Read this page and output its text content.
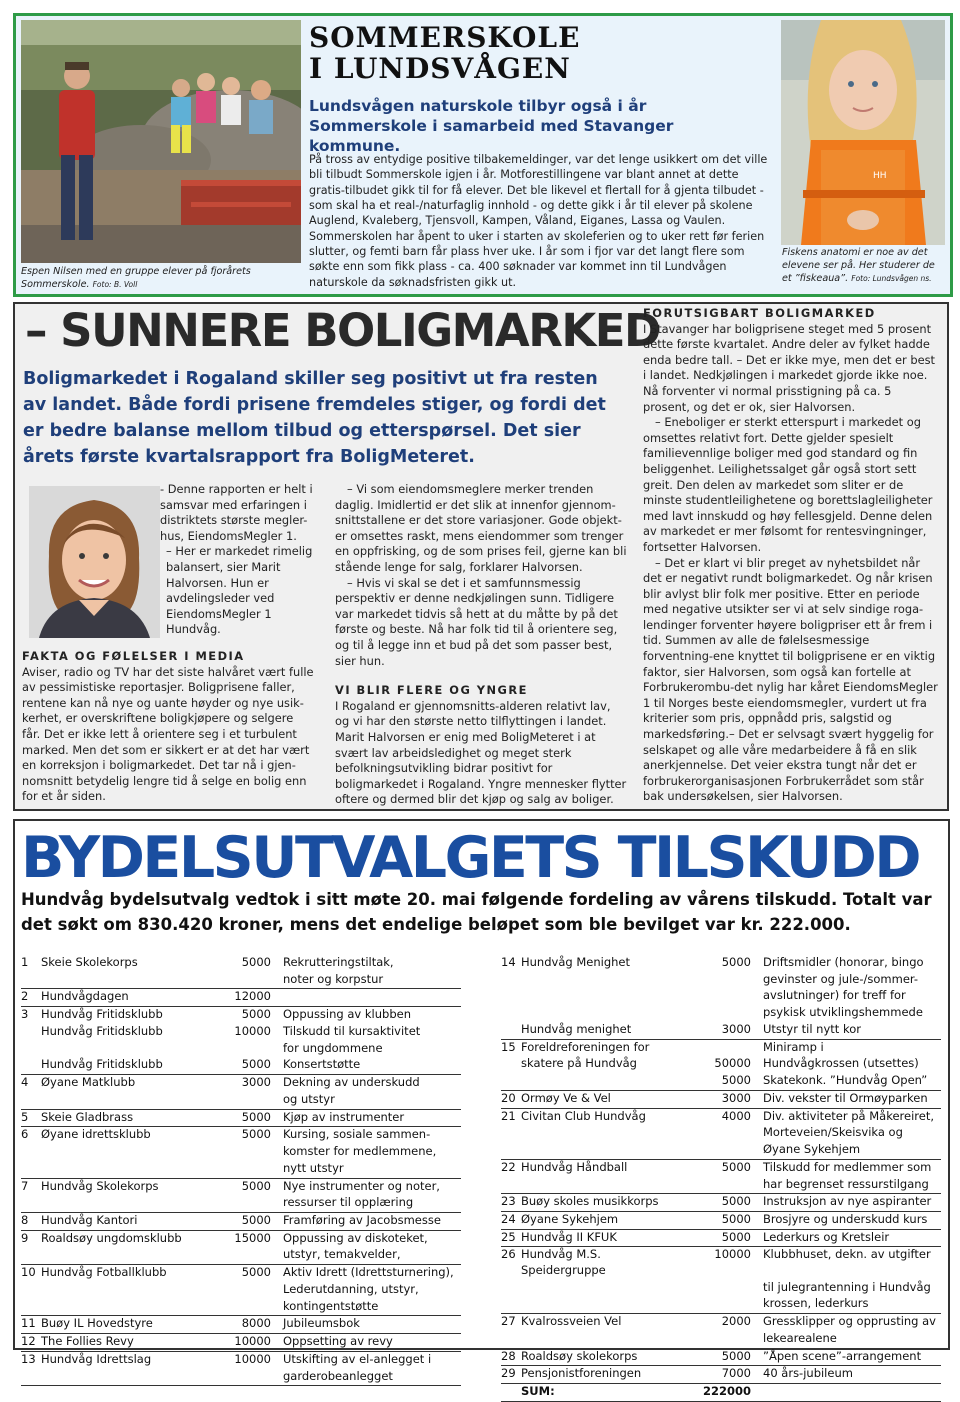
Espen Nilsen med en gruppe elever på fjorårets Sommerskole. Foto: B. Voll
SOMMERSKOLE
I LUNDSVÅGEN
Lundsvågen naturskole tilbyr også i år Sommerskole i samarbeid med Stavanger kommune.
På tross av entydige positive tilbakemeldinger, var det lenge usikkert om det ville bli tilbudt Sommerskole igjen i år. Motforestillingene var blant annet at dette gratis-tilbudet gikk til for få elever. Det ble likevel et flertall for å gjenta tilbudet - som skal ha et real-/naturfaglig innhold - og dette gikk i år til elever på skolene Auglend, Kvaleberg, Tjensvoll, Kampen, Våland, Eiganes, Lassa og Vaulen. Sommerskolen har åpent to uker i starten av skoleferien og to uker rett før ferien slutter, og femti barn får plass hver uke. I år som i fjor var det langt flere som søkte enn som fikk plass - ca. 400 søknader var kommet inn til Lundvågen naturskole da søknadsfristen gikk ut.
HH
Fiskens anatomi er noe av det elevene ser på. Her studerer de et ”fiskeaua”. Foto: Lundsvågen ns.
– SUNNERE BOLIGMARKED
Boligmarkedet i Rogaland skiller seg positivt ut fra resten av landet. Både fordi prisene fremdeles stiger, og fordi det er bedre balanse mellom tilbud og etterspørsel. Det sier årets første kvartalsrapport fra BoligMeteret.
- Denne rapporten er helt i samsvar med erfaringen i distriktets største megler-hus, EiendomsMegler 1.
– Her er markedet rimelig balansert, sier Marit Halvorsen. Hun er avdelingsleder ved EiendomsMegler 1 Hundvåg.
FAKTA OG FØLELSER I MEDIA
Aviser, radio og TV har det siste halvåret vært fulle av pessimistiske reportasjer. Boligprisene faller, rentene kan nå nye og uante høyder og nye usik-kerhet, er overskriftene boligkjøpere og selgere får. Det er ikke lett å orientere seg i et turbulent marked. Men det som er sikkert er at det har vært en korreksjon i boligmarkedet. Det tar nå i gjen-nomsnitt betydelig lengre tid å selge en bolig enn for et år siden.
– Vi som eiendomsmeglere merker trenden daglig. Imidlertid er det slik at innenfor gjennom-snittstallene er det store variasjoner. Gode objekt-er omsettes raskt, mens eiendommer som trenger en oppfrisking, og de som prises feil, gjerne kan bli stående lenge for salg, forklarer Halvorsen.
– Hvis vi skal se det i et samfunnsmessig perspektiv er denne nedkjølingen sunn. Tidligere var markedet tidvis så hett at du måtte by på det første og beste. Nå har folk tid til å orientere seg, og til å legge inn et bud på det som passer best, sier hun.
VI BLIR FLERE OG YNGRE
I Rogaland er gjennomsnitts-alderen relativt lav, og vi har den største netto tilflyttingen i landet. Marit Halvorsen er enig med BoligMeteret i at svært lav arbeidsledighet og meget sterk befolkningsutvikling bidrar positivt for boligmarkedet i Rogaland. Yngre mennesker flytter oftere og dermed blir det kjøp og salg av boliger.
FORUTSIGBART BOLIGMARKED
I Stavanger har boligprisene steget med 5 prosent dette første kvartalet. Andre deler av fylket hadde enda bedre tall. – Det er ikke mye, men det er best i landet. Nedkjølingen i markedet gjorde ikke noe. Nå forventer vi normal prisstigning på ca. 5 prosent, og det er ok, sier Halvorsen.
– Eneboliger er sterkt etterspurt i markedet og omsettes relativt fort. Dette gjelder spesielt familievennlige boliger med god standard og fin beliggenhet. Leilighetssalget går også stort sett greit. Den delen av markedet som sliter er de minste studentleilighetene og borettslagleiligheter med lavt innskudd og høy fellesgjeld. Denne delen av markedet er mer følsomt for rentesvingninger, fortsetter Halvorsen.
– Det er klart vi blir preget av nyhetsbildet når det er negativt rundt boligmarkedet. Og når krisen blir avlyst blir folk mer positive. Etter en periode med negative utsikter ser vi at selv sindige roga-lendinger forventer høyere boligpriser ett år frem i tid. Summen av alle de følelsesmessige forventning-ene knyttet til boligprisene er en viktig faktor, sier Halvorsen, som også kan fortelle at Forbrukerombu-det nylig har kåret EiendomsMegler 1 til Norges beste eiendomsmegler, vurdert ut fra kriterier som pris, oppnådd pris, salgstid og markedsføring.– Det er selvsagt svært hyggelig for selskapet og alle våre medarbeidere å få en slik anerkjennelse. Det veier ekstra tungt når det er forbrukerorganisasjonen Forbrukerrådet som står bak undersøkelsen, sier Halvorsen.
BYDELSUTVALGETS TILSKUDD
Hundvåg bydelsutvalg vedtok i sitt møte 20. mai følgende fordeling av vårens tilskudd. Totalt var det søkt om 830.420 kroner, mens det endelige beløpet som ble bevilget var kr. 222.000.
1	Skeie Skolekorps	5000	Rekrutteringstiltak,
			noter og korpstur
2	Hundvågdagen	12000	
3	Hundvåg Fritidsklubb	5000	Oppussing av klubben
	Hundvåg Fritidsklubb	10000	Tilskudd til kursaktivitet
			for ungdommene
	Hundvåg Fritidsklubb	5000	Konsertstøtte
4	Øyane Matklubb	3000	Dekning av underskudd
			og utstyr
5	Skeie Gladbrass	5000	Kjøp av instrumenter
6	Øyane idrettsklubb	5000	Kursing, sosiale sammen-
			komster for medlemmene,
			nytt utstyr
7	Hundvåg Skolekorps	5000	Nye instrumenter og noter,
			ressurser til opplæring
8	Hundvåg Kantori	5000	Framføring av Jacobsmesse
9	Roaldsøy ungdomsklubb	15000	Oppussing av diskoteket,
			utstyr, temakvelder,
10	Hundvåg Fotballklubb	5000	Aktiv Idrett (Idrettsturnering),
			Lederutdanning, utstyr,
			kontingentstøtte
11	Buøy IL Hovedstyre	8000	Jubileumsbok
12	The Follies Revy	10000	Oppsetting av revy
13	Hundvåg Idrettslag	10000	Utskifting av el-anlegget i
			garderobeanlegget
14	Hundvåg Menighet	5000	Driftsmidler (honorar, bingo
			gevinster og jule-/sommer-
			avslutninger) for treff for
			psykisk utviklingshemmede
	Hundvåg menighet	3000	Utstyr til nytt kor
15	Foreldreforeningen for		Miniramp i
	skatere på Hundvåg	50000	Hundvågkrossen (utsettes)
		5000	Skatekonk. ”Hundvåg Open”
20	Ormøy Ve & Vel	3000	Div. vekster til Ormøyparken
21	Civitan Club Hundvåg	4000	Div. aktiviteter på Måkereiret,
			Morteveien/Skeisvika og
			Øyane Sykehjem
22	Hundvåg Håndball	5000	Tilskudd for medlemmer som
			har begrenset ressurstilgang
23	Buøy skoles musikkorps	5000	Instruksjon av nye aspiranter
24	Øyane Sykehjem	5000	Brosjyre og underskudd kurs
25	Hundvåg II KFUK	5000	Lederkurs og Kretsleir
26	Hundvåg M.S. Speidergruppe	10000	Klubbhuset, dekn. av utgifter
			til julegrantenning i Hundvåg
			krossen, lederkurs
27	Kvalrossveien Vel	2000	Gressklipper og opprusting av
			lekearealene
28	Roaldsøy skolekorps	5000	”Åpen scene”-arrangement
29	Pensjonistforeningen	7000	40 års-jubileum
	SUM:	222000	
